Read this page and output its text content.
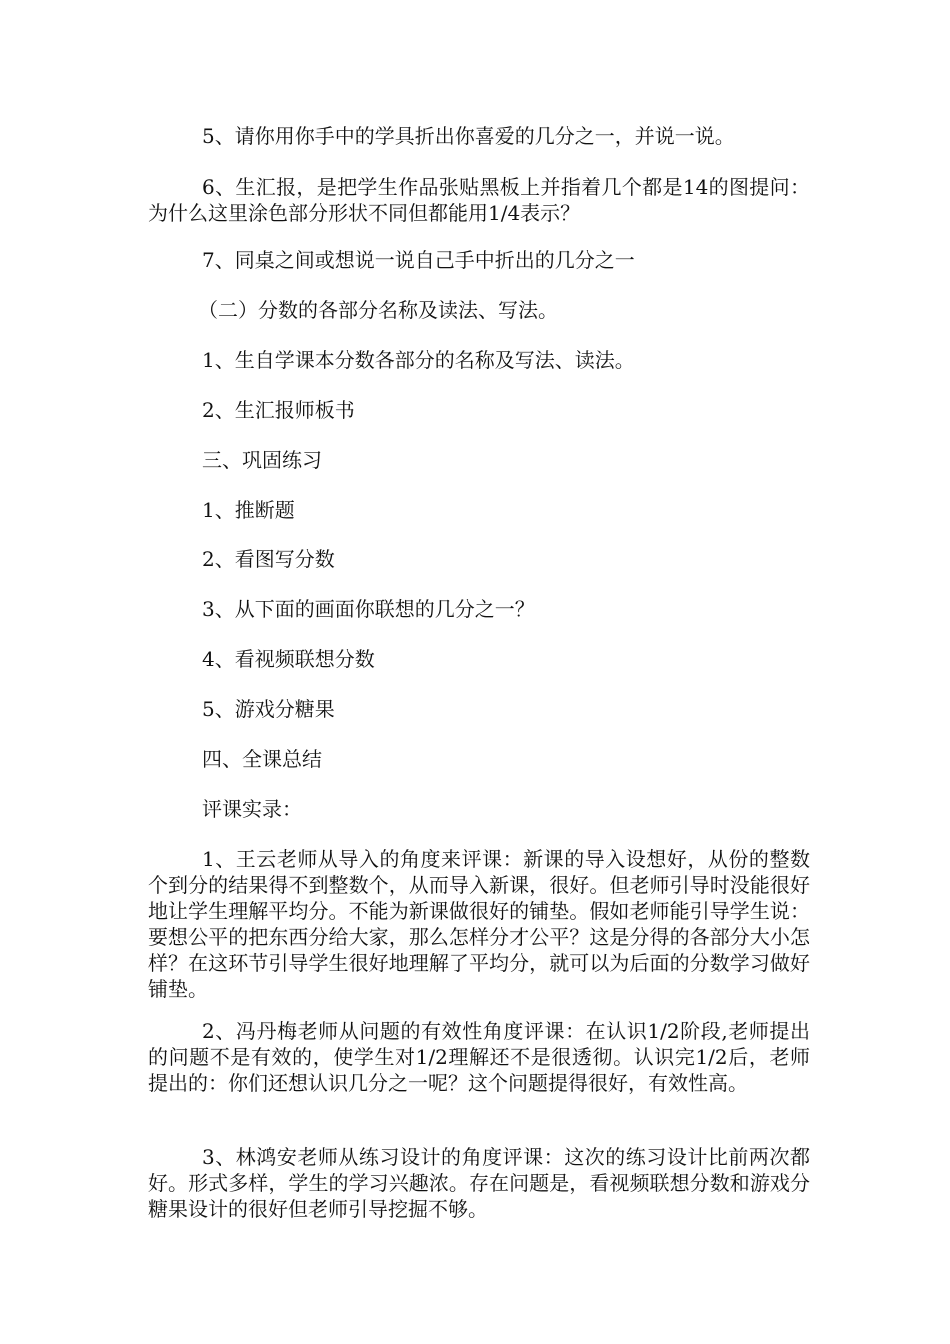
5、请你用你手中的学具折出你喜爱的几分之一，并说一说。
6、生汇报，是把学生作品张贴黑板上并指着几个都是14的图提问：为什么这里涂色部分形状不同但都能用1/4表示？
7、同桌之间或想说一说自己手中折出的几分之一
（二）分数的各部分名称及读法、写法。
1、生自学课本分数各部分的名称及写法、读法。
2、生汇报师板书
三、巩固练习
1、推断题
2、看图写分数
3、从下面的画面你联想的几分之一？
4、看视频联想分数
5、游戏分糖果
四、全课总结
评课实录：
1、王云老师从导入的角度来评课：新课的导入设想好，从份的整数个到分的结果得不到整数个，从而导入新课，很好。但老师引导时没能很好地让学生理解平均分。不能为新课做很好的铺垫。假如老师能引导学生说：要想公平的把东西分给大家，那么怎样分才公平？这是分得的各部分大小怎样？在这环节引导学生很好地理解了平均分，就可以为后面的分数学习做好铺垫。
2、冯丹梅老师从问题的有效性角度评课：在认识1/2阶段,老师提出的问题不是有效的，使学生对1/2理解还不是很透彻。认识完1/2后，老师提出的：你们还想认识几分之一呢？这个问题提得很好，有效性高。
3、林鸿安老师从练习设计的角度评课：这次的练习设计比前两次都好。形式多样，学生的学习兴趣浓。存在问题是，看视频联想分数和游戏分糖果设计的很好但老师引导挖掘不够。
